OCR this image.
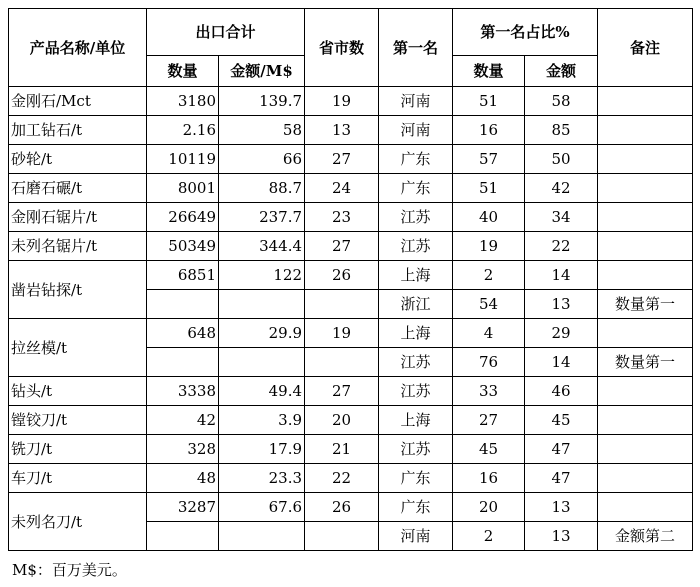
产品名称/单位	出口合计		省市数	第一名	第一名占比%		备注
	数量	金额/M$			数量	金额	
金刚石/Mct	3180	139.7	19	河南	51	58	
加工钻石/t	2.16	58	13	河南	16	85	
砂轮/t	10119	66	27	广东	57	50	
石磨石碾/t	8001	88.7	24	广东	51	42	
金刚石锯片/t	26649	237.7	23	江苏	40	34	
未列名锯片/t	50349	344.4	27	江苏	19	22	
凿岩钻探/t	6851	122	26	上海	2	14	
				浙江	54	13	数量第一
拉丝模/t	648	29.9	19	上海	4	29	
				江苏	76	14	数量第一
钻头/t	3338	49.4	27	江苏	33	46	
镗铰刀/t	42	3.9	20	上海	27	45	
铣刀/t	328	17.9	21	江苏	45	47	
车刀/t	48	23.3	22	广东	16	47	
未列名刀/t	3287	67.6	26	广东	20	13	
				河南	2	13	金额第二
M$：百万美元。
